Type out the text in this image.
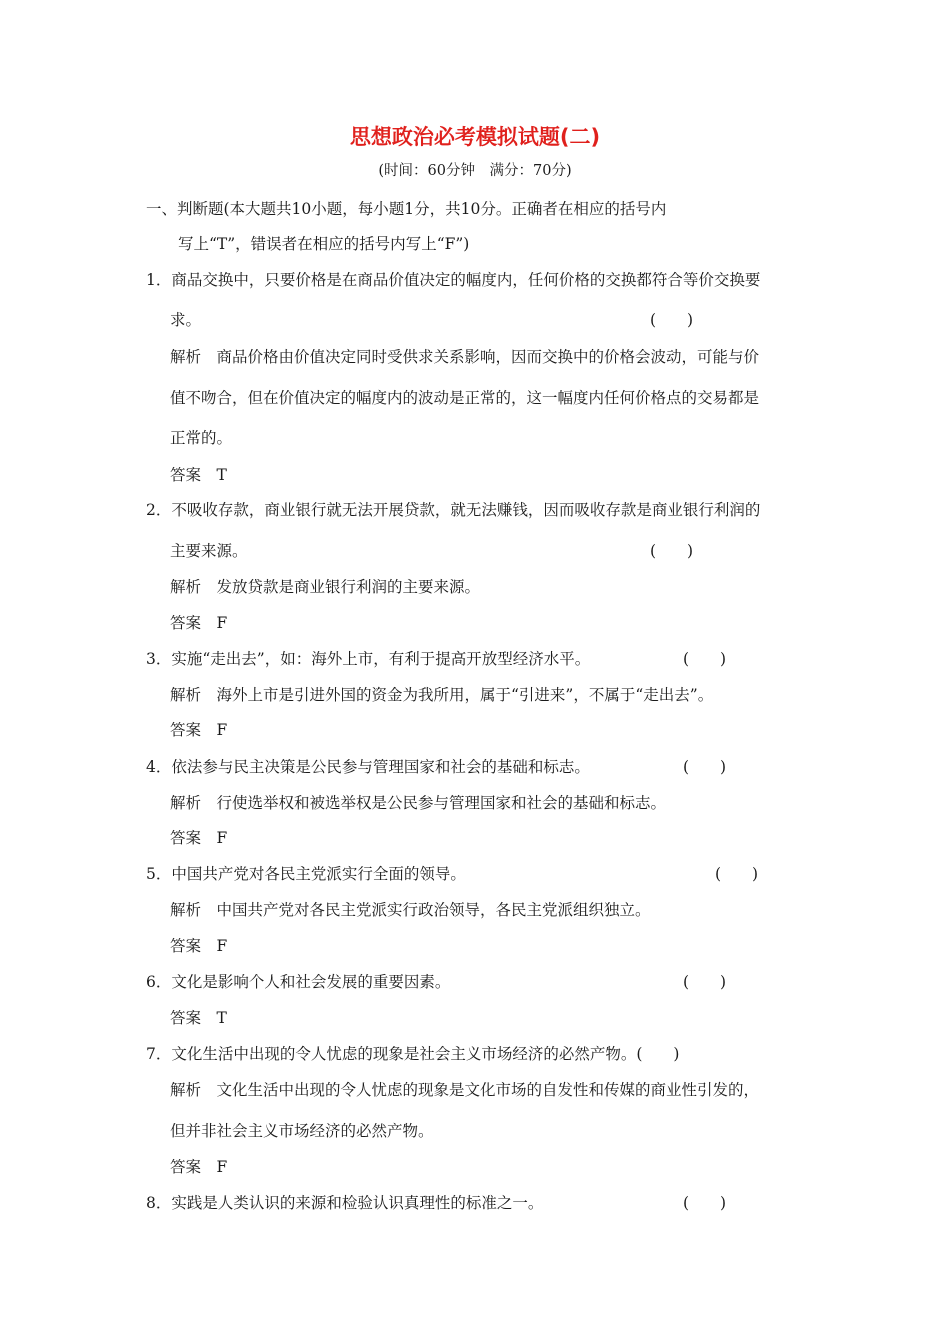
思想政治必考模拟试题(二)
(时间：60分钟　满分：70分)
一、判断题(本大题共10小题，每小题1分，共10分。正确者在相应的括号内
写上“T”，错误者在相应的括号内写上“F”)
1．商品交换中，只要价格是在商品价值决定的幅度内，任何价格的交换都符合等价交换要
求。	(　　)
解析　商品价格由价值决定同时受供求关系影响，因而交换中的价格会波动，可能与价
值不吻合，但在价值决定的幅度内的波动是正常的，这一幅度内任何价格点的交易都是
正常的。
答案　T
2．不吸收存款，商业银行就无法开展贷款，就无法赚钱，因而吸收存款是商业银行利润的
主要来源。	(　　)
解析　发放贷款是商业银行利润的主要来源。
答案　F
3．实施“走出去”，如：海外上市，有利于提高开放型经济水平。	(　　)
解析　海外上市是引进外国的资金为我所用，属于“引进来”，不属于“走出去”。
答案　F
4．依法参与民主决策是公民参与管理国家和社会的基础和标志。	(　　)
解析　行使选举权和被选举权是公民参与管理国家和社会的基础和标志。
答案　F
5．中国共产党对各民主党派实行全面的领导。	(　　)
解析　中国共产党对各民主党派实行政治领导，各民主党派组织独立。
答案　F
6．文化是影响个人和社会发展的重要因素。	(　　)
答案　T
7．文化生活中出现的令人忧虑的现象是社会主义市场经济的必然产物。(　　)
解析　文化生活中出现的令人忧虑的现象是文化市场的自发性和传媒的商业性引发的，
但并非社会主义市场经济的必然产物。
答案　F
8．实践是人类认识的来源和检验认识真理性的标准之一。	(　　)
